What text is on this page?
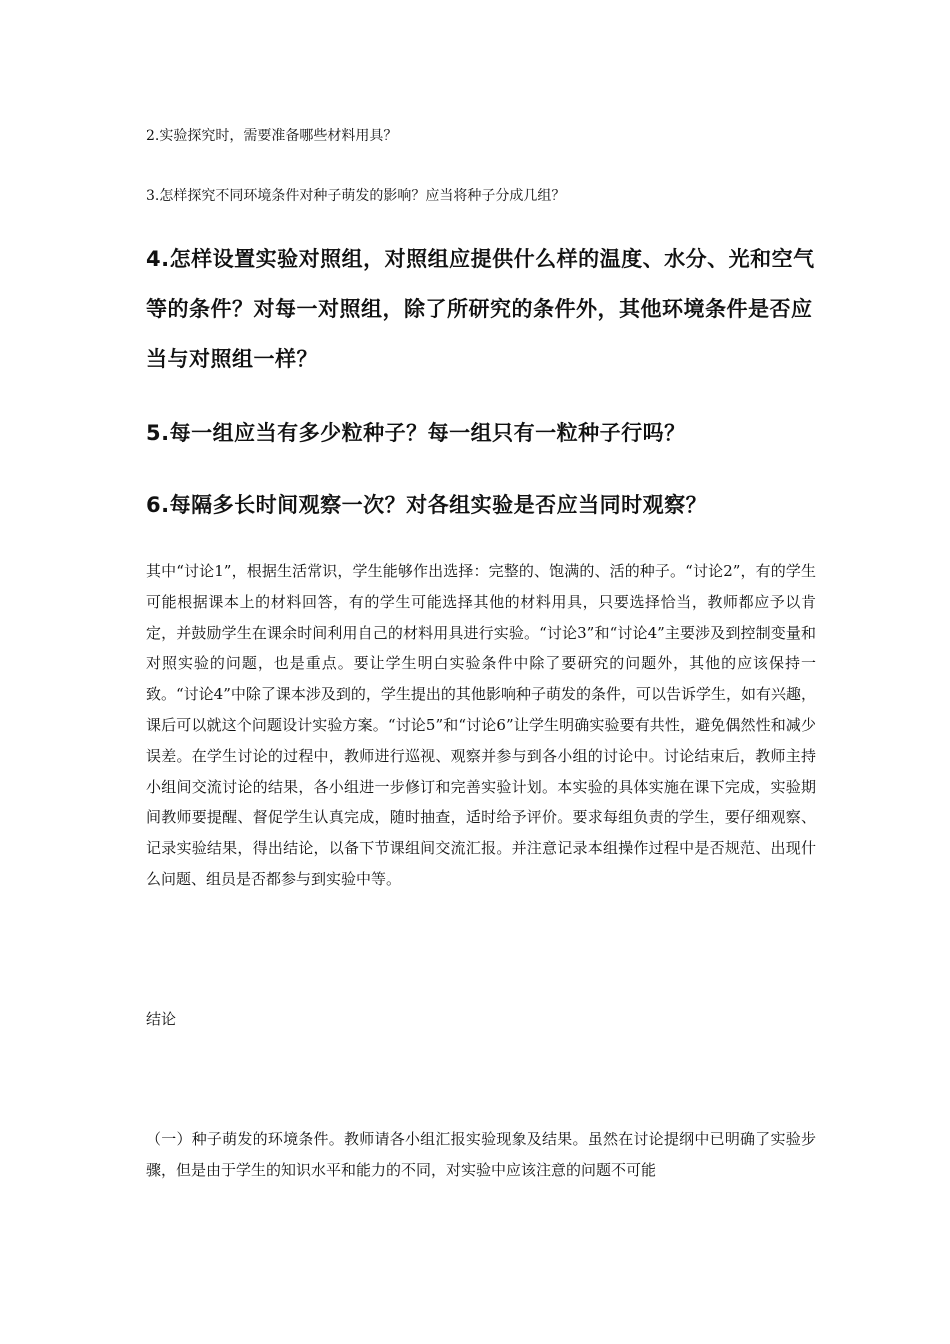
2.实验探究时，需要准备哪些材料用具？
3.怎样探究不同环境条件对种子萌发的影响？应当将种子分成几组？
4.怎样设置实验对照组，对照组应提供什么样的温度、水分、光和空气等的条件？对每一对照组，除了所研究的条件外，其他环境条件是否应当与对照组一样？
5.每一组应当有多少粒种子？每一组只有一粒种子行吗？
6.每隔多长时间观察一次？对各组实验是否应当同时观察？
其中“讨论1”，根据生活常识，学生能够作出选择：完整的、饱满的、活的种子。“讨论2”，有的学生可能根据课本上的材料回答，有的学生可能选择其他的材料用具，只要选择恰当，教师都应予以肯定，并鼓励学生在课余时间利用自己的材料用具进行实验。“讨论3”和“讨论4”主要涉及到控制变量和对照实验的问题，也是重点。要让学生明白实验条件中除了要研究的问题外，其他的应该保持一致。“讨论4”中除了课本涉及到的，学生提出的其他影响种子萌发的条件，可以告诉学生，如有兴趣，课后可以就这个问题设计实验方案。“讨论5”和“讨论6”让学生明确实验要有共性，避免偶然性和减少误差。在学生讨论的过程中，教师进行巡视、观察并参与到各小组的讨论中。讨论结束后，教师主持小组间交流讨论的结果，各小组进一步修订和完善实验计划。本实验的具体实施在课下完成，实验期间教师要提醒、督促学生认真完成，随时抽查，适时给予评价。要求每组负责的学生，要仔细观察、记录实验结果，得出结论，以备下节课组间交流汇报。并注意记录本组操作过程中是否规范、出现什么问题、组员是否都参与到实验中等。
结论
（一）种子萌发的环境条件。教师请各小组汇报实验现象及结果。虽然在讨论提纲中已明确了实验步骤，但是由于学生的知识水平和能力的不同，对实验中应该注意的问题不可能
